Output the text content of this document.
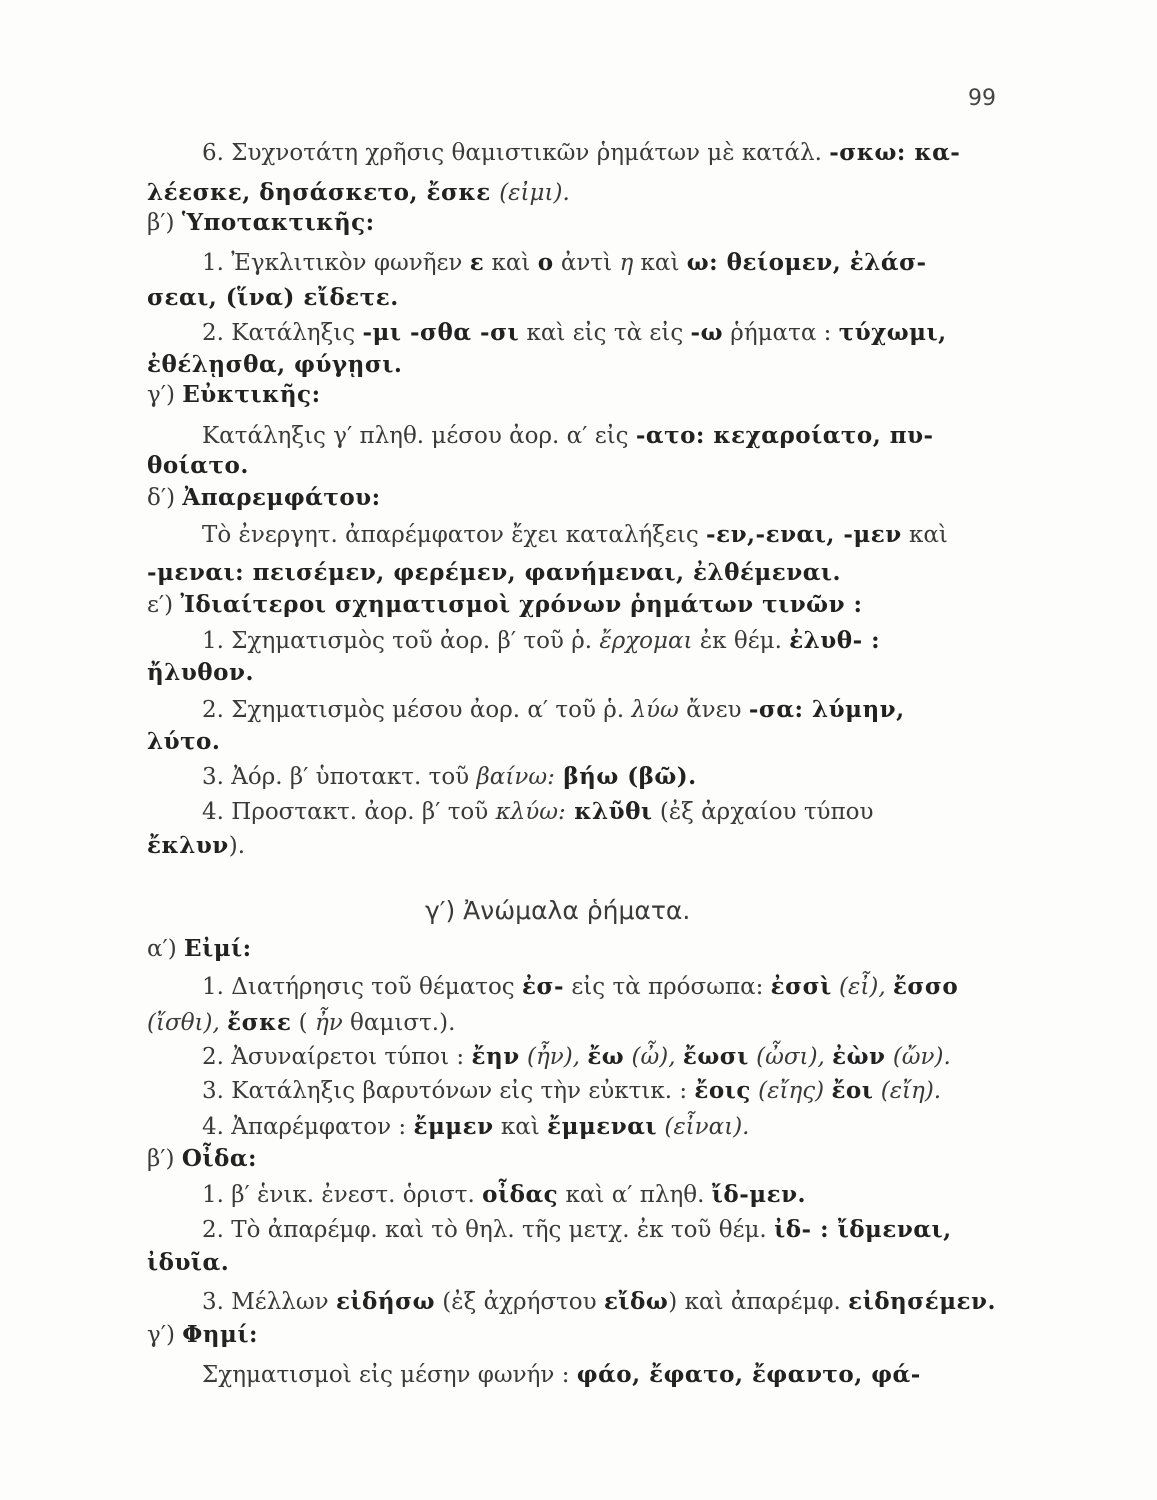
99
γ′) Ἀνώμαλα ῥήματα.
6. Συχνοτάτη χρῆσις θαμιστικῶν ῥημάτων μὲ κατάλ. -σκω: κα-
λέεσκε, δησάσκετο, ἔσκε (εἰμι).
β′) Ὑποτακτικῆς:
1. Ἐγκλιτικὸν φωνῆεν ε καὶ ο ἀντὶ η καὶ ω: θείομεν, ἐλάσ-
σεαι, (ἵνα) εἴδετε.
2. Κατάληξις -μι -σθα -σι καὶ εἰς τὰ εἰς -ω ῥήματα : τύχωμι,
ἐθέλῃσθα, φύγῃσι.
γ′) Εὐκτικῆς:
Κατάληξις γ′ πληθ. μέσου ἀορ. α′ εἰς -ατο: κεχαροίατο, πυ-
θοίατο.
δ′) Ἀπαρεμφάτου:
Τὸ ἐνεργητ. ἀπαρέμφατον ἔχει καταλήξεις -εν,-εναι, -μεν καὶ
-μεναι: πεισέμεν, φερέμεν, φανήμεναι, ἐλθέμεναι.
ε′) Ἰδιαίτεροι σχηματισμοὶ χρόνων ῥημάτων τινῶν :
1. Σχηματισμὸς τοῦ ἀορ. β′ τοῦ ῥ. ἔρχομαι ἐκ θέμ. ἐλυθ- :
ἤλυθον.
2. Σχηματισμὸς μέσου ἀορ. α′ τοῦ ῥ. λύω ἄνευ -σα: λύμην,
λύτο.
3. Ἀόρ. β′ ὑποτακτ. τοῦ βαίνω: βήω (βῶ).
4. Προστακτ. ἀορ. β′ τοῦ κλύω: κλῦθι (ἐξ ἀρχαίου τύπου
ἔκλυν).
α′) Εἰμί:
1. Διατήρησις τοῦ θέματος ἐσ- εἰς τὰ πρόσωπα: ἐσσὶ (εἶ), ἔσσο
(ἴσθι), ἔσκε ( ἦν θαμιστ.).
2. Ἀσυναίρετοι τύποι : ἔην (ἦν), ἔω (ὦ), ἔωσι (ὦσι), ἐὼν (ὤν).
3. Κατάληξις βαρυτόνων εἰς τὴν εὐκτικ. : ἔοις (εἴης) ἔοι (εἴη).
4. Ἀπαρέμφατον : ἔμμεν καὶ ἔμμεναι (εἶναι).
β′) Οἶδα:
1. β′ ἑνικ. ἐνεστ. ὁριστ. οἶδας καὶ α′ πληθ. ἴδ-μεν.
2. Τὸ ἀπαρέμφ. καὶ τὸ θηλ. τῆς μετχ. ἐκ τοῦ θέμ. ἰδ- : ἴδμεναι,
ἰδυῖα.
3. Μέλλων εἰδήσω (ἐξ ἀχρήστου εἴδω) καὶ ἀπαρέμφ. εἰδησέμεν.
γ′) Φημί:
Σχηματισμοὶ εἰς μέσην φωνήν : φάο, ἔφατο, ἔφαντο, φά-
